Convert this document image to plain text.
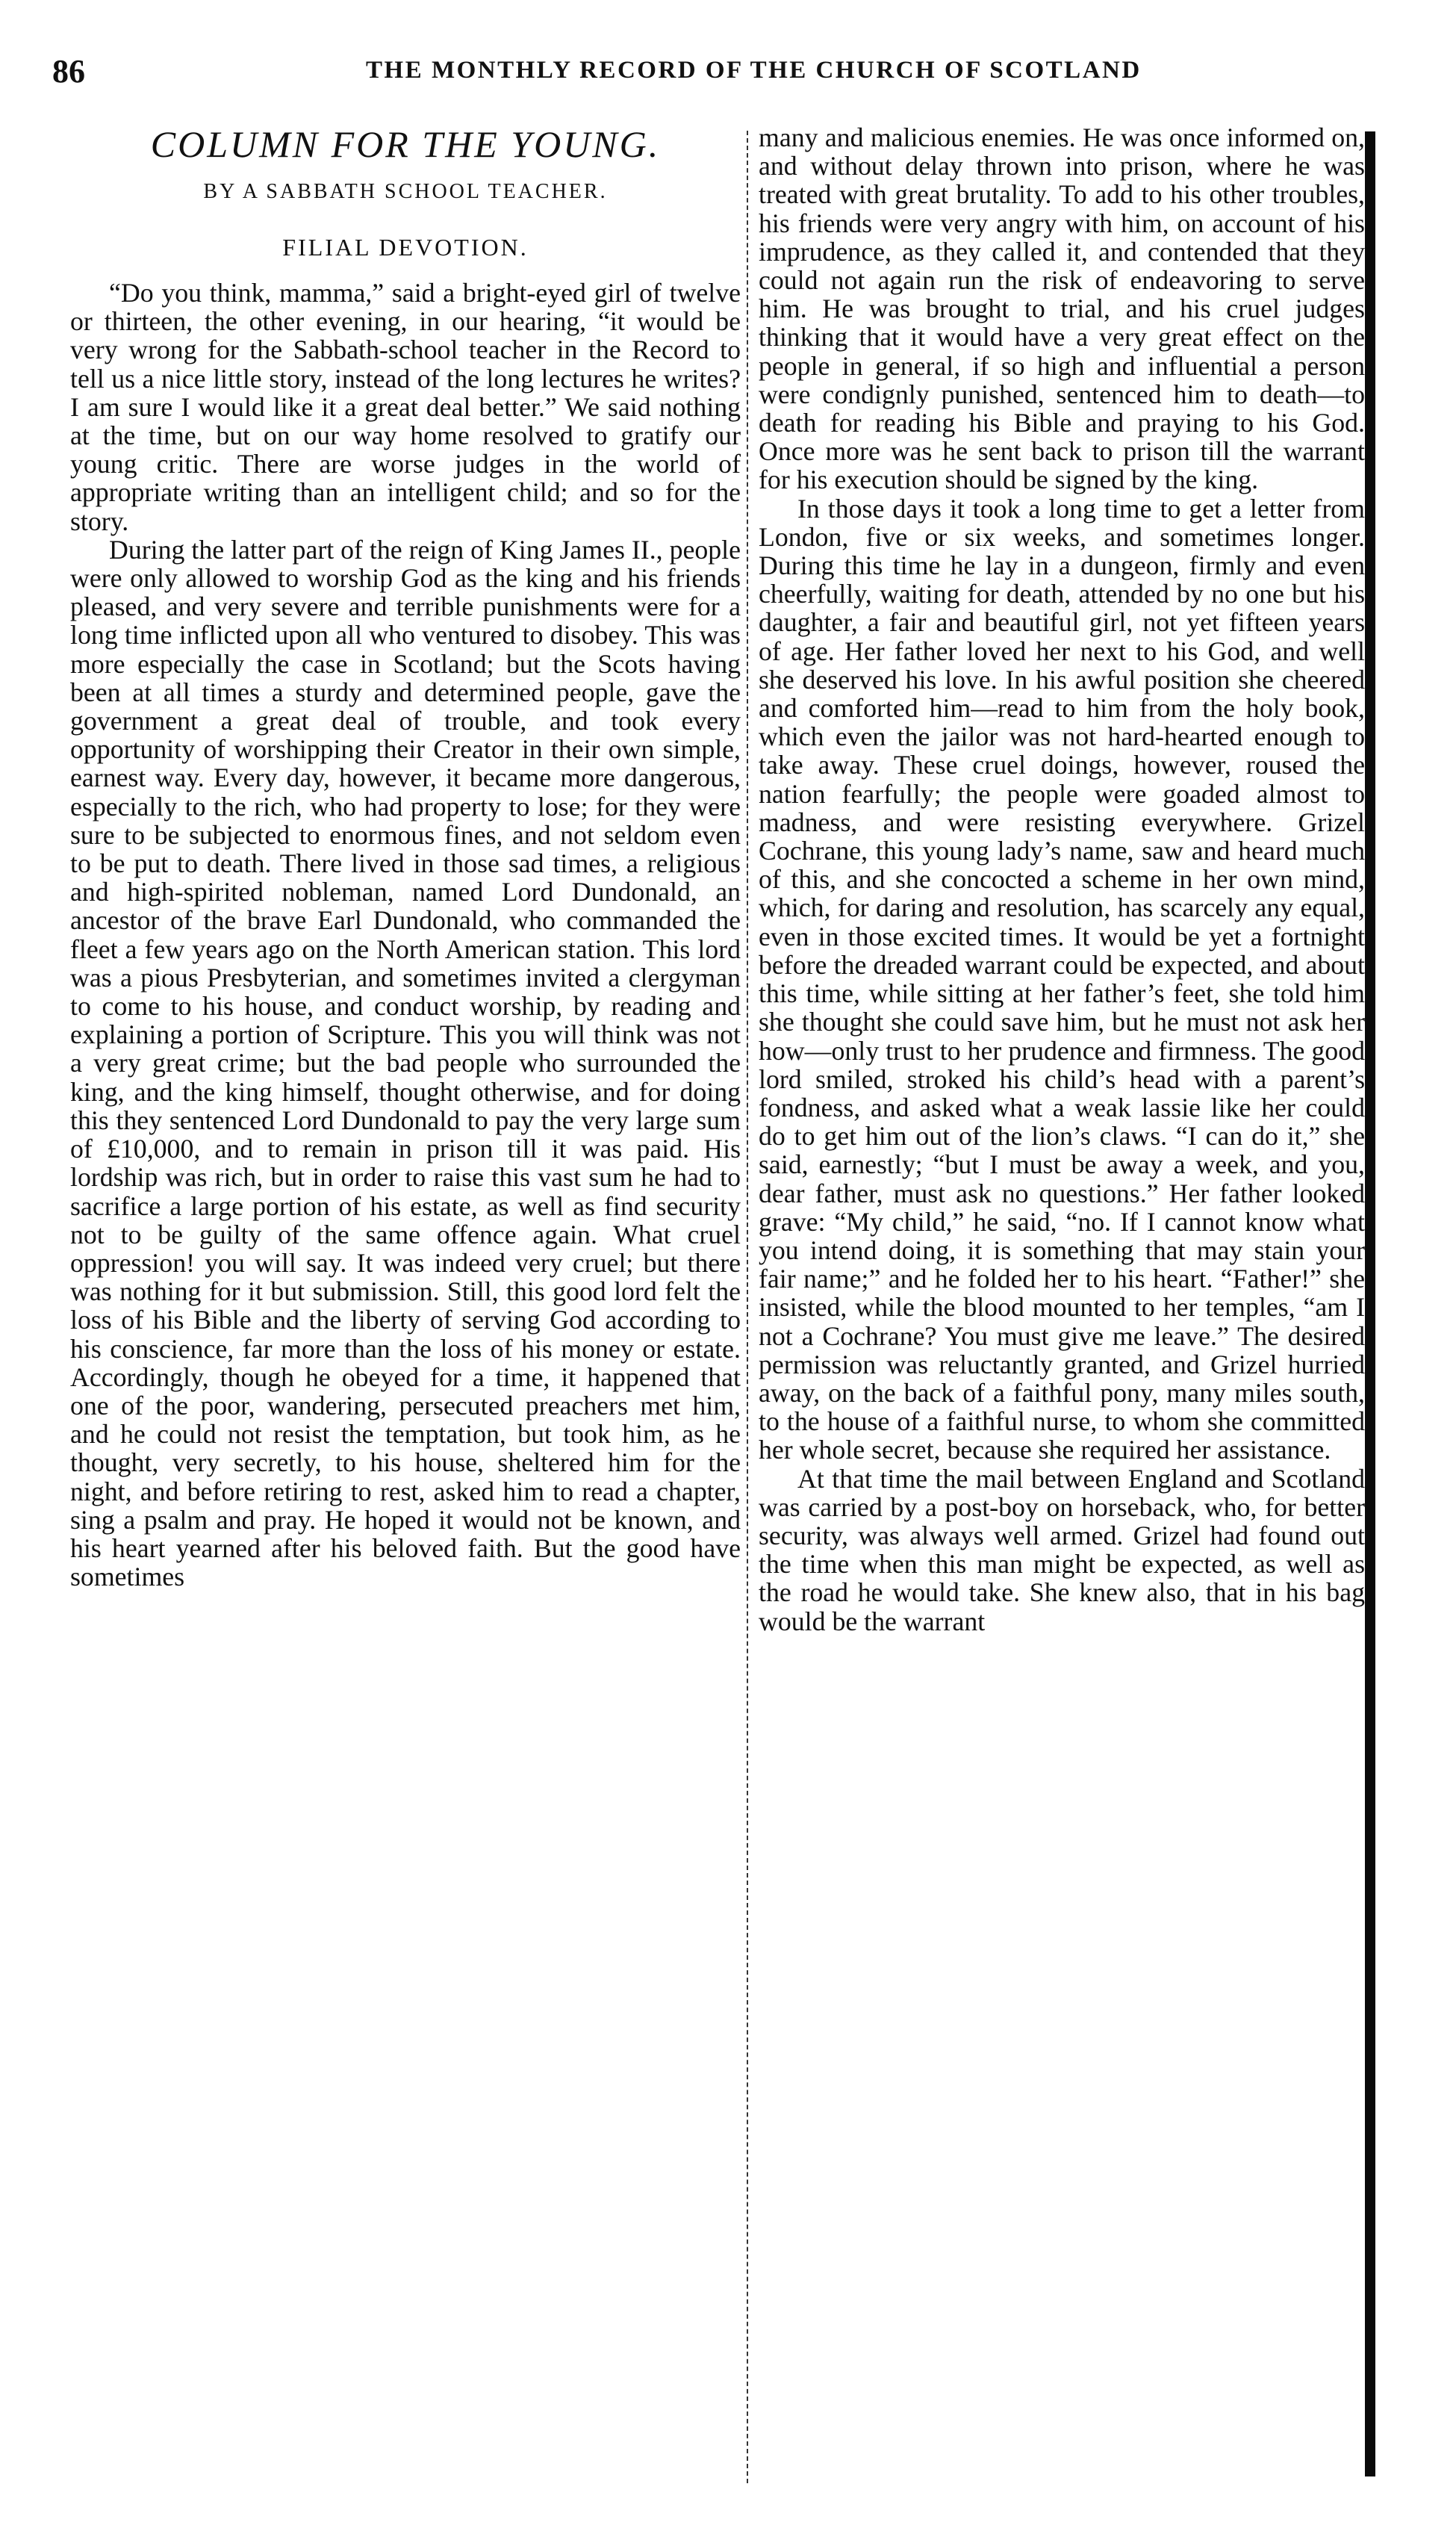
86	THE MONTHLY RECORD OF THE CHURCH OF SCOTLAND
COLUMN FOR THE YOUNG.
BY A SABBATH SCHOOL TEACHER.
FILIAL DEVOTION.

“Do you think, mamma,” said a bright-eyed girl of twelve or thirteen, the other evening, in our hearing, “it would be very wrong for the Sabbath-school teacher in the Record to tell us a nice little story, instead of the long lectures he writes? I am sure I would like it a great deal better.” We said nothing at the time, but on our way home resolved to gratify our young critic. There are worse judges in the world of appropriate writing than an intelligent child; and so for the story.

During the latter part of the reign of King James II., people were only allowed to worship God as the king and his friends pleased, and very severe and terrible punishments were for a long time inflicted upon all who ventured to disobey. This was more especially the case in Scotland; but the Scots having been at all times a sturdy and determined people, gave the government a great deal of trouble, and took every opportunity of worshipping their Creator in their own simple, earnest way. Every day, however, it became more dangerous, especially to the rich, who had property to lose; for they were sure to be subjected to enormous fines, and not seldom even to be put to death. There lived in those sad times, a religious and high-spirited nobleman, named Lord Dundonald, an ancestor of the brave Earl Dundonald, who commanded the fleet a few years ago on the North American station. This lord was a pious Presbyterian, and sometimes invited a clergyman to come to his house, and conduct worship, by reading and explaining a portion of Scripture. This you will think was not a very great crime; but the bad people who surrounded the king, and the king himself, thought otherwise, and for doing this they sentenced Lord Dundonald to pay the very large sum of £10,000, and to remain in prison till it was paid. His lordship was rich, but in order to raise this vast sum he had to sacrifice a large portion of his estate, as well as find security not to be guilty of the same offence again. What cruel oppression! you will say. It was indeed very cruel; but there was nothing for it but submission. Still, this good lord felt the loss of his Bible and the liberty of serving God according to his conscience, far more than the loss of his money or estate. Accordingly, though he obeyed for a time, it happened that one of the poor, wandering, persecuted preachers met him, and he could not resist the temptation, but took him, as he thought, very secretly, to his house, sheltered him for the night, and before retiring to rest, asked him to read a chapter, sing a psalm and pray. He hoped it would not be known, and his heart yearned after his beloved faith. But the good have sometimes

many and malicious enemies. He was once informed on, and without delay thrown into prison, where he was treated with great brutality. To add to his other troubles, his friends were very angry with him, on account of his imprudence, as they called it, and contended that they could not again run the risk of endeavoring to serve him. He was brought to trial, and his cruel judges thinking that it would have a very great effect on the people in general, if so high and influential a person were condignly punished, sentenced him to death—to death for reading his Bible and praying to his God. Once more was he sent back to prison till the warrant for his execution should be signed by the king.

In those days it took a long time to get a letter from London, five or six weeks, and sometimes longer. During this time he lay in a dungeon, firmly and even cheerfully, waiting for death, attended by no one but his daughter, a fair and beautiful girl, not yet fifteen years of age. Her father loved her next to his God, and well she deserved his love. In his awful position she cheered and comforted him—read to him from the holy book, which even the jailor was not hard-hearted enough to take away. These cruel doings, however, roused the nation fearfully; the people were goaded almost to madness, and were resisting everywhere. Grizel Cochrane, this young lady’s name, saw and heard much of this, and she concocted a scheme in her own mind, which, for daring and resolution, has scarcely any equal, even in those excited times. It would be yet a fortnight before the dreaded warrant could be expected, and about this time, while sitting at her father’s feet, she told him she thought she could save him, but he must not ask her how—only trust to her prudence and firmness. The good lord smiled, stroked his child’s head with a parent’s fondness, and asked what a weak lassie like her could do to get him out of the lion’s claws. “I can do it,” she said, earnestly; “but I must be away a week, and you, dear father, must ask no questions.” Her father looked grave: “My child,” he said, “no. If I cannot know what you intend doing, it is something that may stain your fair name;” and he folded her to his heart. “Father!” she insisted, while the blood mounted to her temples, “am I not a Cochrane? You must give me leave.” The desired permission was reluctantly granted, and Grizel hurried away, on the back of a faithful pony, many miles south, to the house of a faithful nurse, to whom she committed her whole secret, because she required her assistance.

At that time the mail between England and Scotland was carried by a post-boy on horseback, who, for better security, was always well armed. Grizel had found out the time when this man might be expected, as well as the road he would take. She knew also, that in his bag would be the warrant
